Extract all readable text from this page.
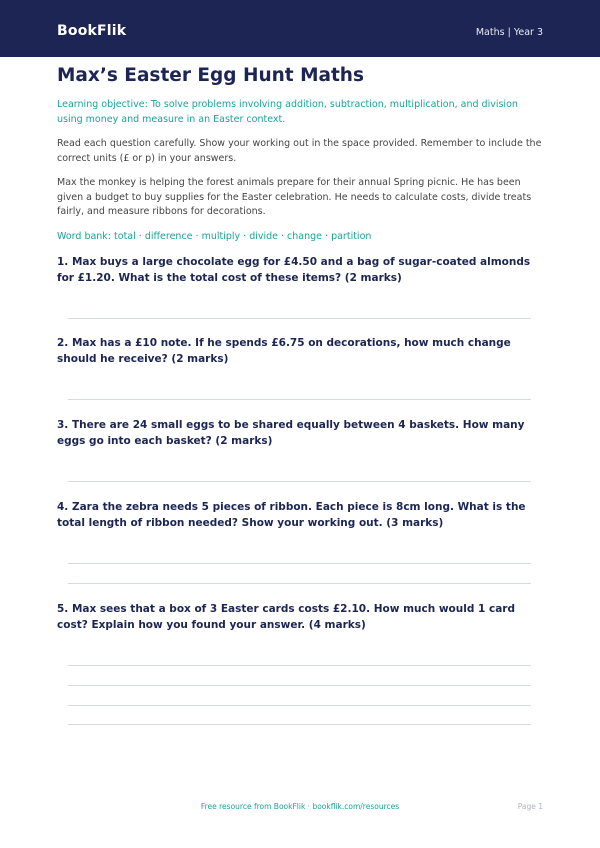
BookFlik	Maths | Year 3
Max’s Easter Egg Hunt Maths
Learning objective: To solve problems involving addition, subtraction, multiplication, and division using money and measure in an Easter context.
Read each question carefully. Show your working out in the space provided. Remember to include the correct units (£ or p) in your answers.
Max the monkey is helping the forest animals prepare for their annual Spring picnic. He has been given a budget to buy supplies for the Easter celebration. He needs to calculate costs, divide treats fairly, and measure ribbons for decorations.
Word bank: total · difference · multiply · divide · change · partition
1. Max buys a large chocolate egg for £4.50 and a bag of sugar-coated almonds for £1.20. What is the total cost of these items? (2 marks)
2. Max has a £10 note. If he spends £6.75 on decorations, how much change should he receive? (2 marks)
3. There are 24 small eggs to be shared equally between 4 baskets. How many eggs go into each basket? (2 marks)
4. Zara the zebra needs 5 pieces of ribbon. Each piece is 8cm long. What is the total length of ribbon needed? Show your working out. (3 marks)
5. Max sees that a box of 3 Easter cards costs £2.10. How much would 1 card cost? Explain how you found your answer. (4 marks)
Free resource from BookFlik · bookflik.com/resources	Page 1
